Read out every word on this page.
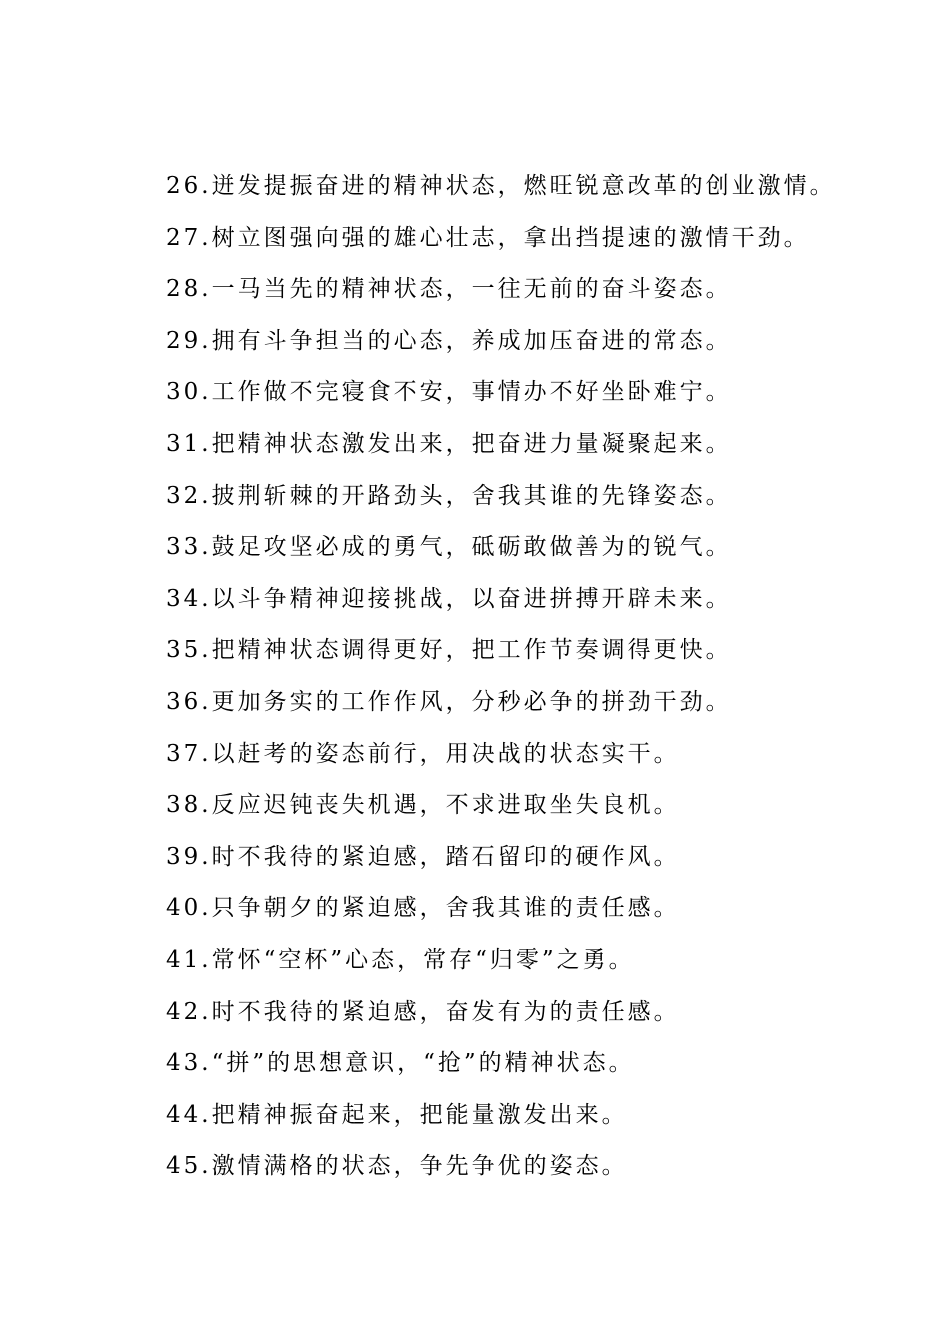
26.迸发提振奋进的精神状态，燃旺锐意改革的创业激情。
27.树立图强向强的雄心壮志，拿出挡提速的激情干劲。
28.一马当先的精神状态，一往无前的奋斗姿态。
29.拥有斗争担当的心态，养成加压奋进的常态。
30.工作做不完寝食不安，事情办不好坐卧难宁。
31.把精神状态激发出来，把奋进力量凝聚起来。
32.披荆斩棘的开路劲头，舍我其谁的先锋姿态。
33.鼓足攻坚必成的勇气，砥砺敢做善为的锐气。
34.以斗争精神迎接挑战，以奋进拼搏开辟未来。
35.把精神状态调得更好，把工作节奏调得更快。
36.更加务实的工作作风，分秒必争的拼劲干劲。
37.以赶考的姿态前行，用决战的状态实干。
38.反应迟钝丧失机遇，不求进取坐失良机。
39.时不我待的紧迫感，踏石留印的硬作风。
40.只争朝夕的紧迫感，舍我其谁的责任感。
41.常怀“空杯”心态，常存“归零”之勇。
42.时不我待的紧迫感，奋发有为的责任感。
43.“拼”的思想意识，“抢”的精神状态。
44.把精神振奋起来，把能量激发出来。
45.激情满格的状态，争先争优的姿态。
